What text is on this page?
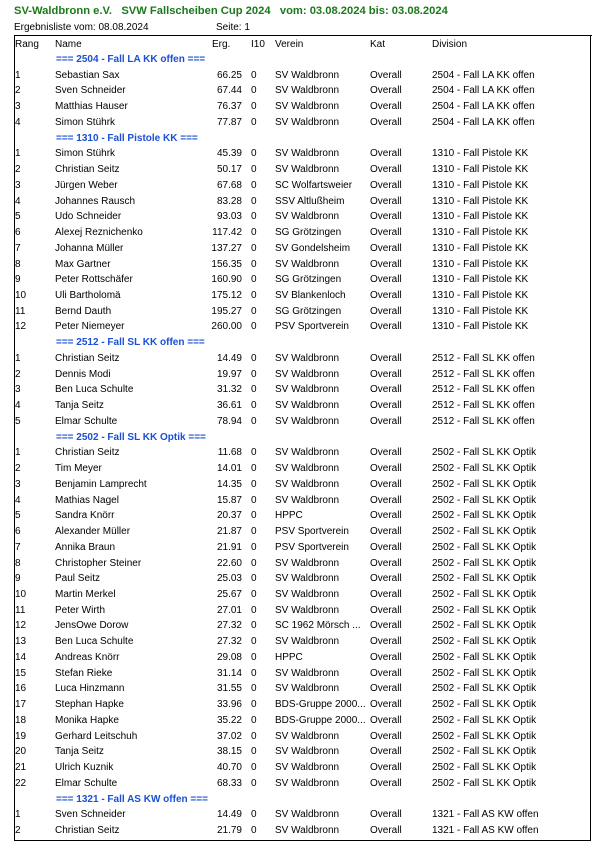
SV-Waldbronn e.V.   SVW Fallscheiben Cup 2024   vom: 03.08.2024 bis: 03.08.2024
Ergebnisliste vom: 08.08.2024	Seite: 1
Rang Name	Erg. I10 Verein	Kat	Division
=== 2504 - Fall LA KK offen ===
1	Sebastian Sax	66.25 0 SV Waldbronn	Overall	2504 - Fall LA KK offen
2	Sven Schneider	67.44 0 SV Waldbronn	Overall	2504 - Fall LA KK offen
3	Matthias Hauser	76.37 0 SV Waldbronn	Overall	2504 - Fall LA KK offen
4	Simon Stührk	77.87 0 SV Waldbronn	Overall	2504 - Fall LA KK offen
=== 1310 - Fall Pistole KK ===
1	Simon Stührk	45.39 0 SV Waldbronn	Overall	1310 - Fall Pistole KK
2	Christian Seitz	50.17 0 SV Waldbronn	Overall	1310 - Fall Pistole KK
3	Jürgen Weber	67.68 0 SC Wolfartsweier Overall	1310 - Fall Pistole KK
4	Johannes Rausch	83.28 0 SSV Altlußheim	Overall	1310 - Fall Pistole KK
5	Udo Schneider	93.03 0 SV Waldbronn	Overall	1310 - Fall Pistole KK
6	Alexej Reznichenko	117.42 0 SG Grötzingen	Overall	1310 - Fall Pistole KK
7	Johanna Müller	137.27 0 SV Gondelsheim Overall	1310 - Fall Pistole KK
8	Max Gartner	156.35 0 SV Waldbronn	Overall	1310 - Fall Pistole KK
9	Peter Rottschäfer	160.90 0 SG Grötzingen	Overall	1310 - Fall Pistole KK
10	Uli Bartholomä	175.12 0 SV Blankenloch Overall	1310 - Fall Pistole KK
11	Bernd Dauth	195.27 0 SG Grötzingen	Overall	1310 - Fall Pistole KK
12	Peter Niemeyer	260.00 0 PSV Sportverein Overall	1310 - Fall Pistole KK
=== 2512 - Fall SL KK offen ===
1	Christian Seitz	14.49 0 SV Waldbronn	Overall	2512 - Fall SL KK offen
2	Dennis Modi	19.97 0 SV Waldbronn	Overall	2512 - Fall SL KK offen
3	Ben Luca Schulte	31.32 0 SV Waldbronn	Overall	2512 - Fall SL KK offen
4	Tanja Seitz	36.61 0 SV Waldbronn	Overall	2512 - Fall SL KK offen
5	Elmar Schulte	78.94 0 SV Waldbronn	Overall	2512 - Fall SL KK offen
=== 2502 - Fall SL KK Optik ===
1	Christian Seitz	11.68 0 SV Waldbronn	Overall	2502 - Fall SL KK Optik
2	Tim Meyer	14.01 0 SV Waldbronn	Overall	2502 - Fall SL KK Optik
3	Benjamin Lamprecht	14.35 0 SV Waldbronn	Overall	2502 - Fall SL KK Optik
4	Mathias Nagel	15.87 0 SV Waldbronn	Overall	2502 - Fall SL KK Optik
5	Sandra Knörr	20.37 0 HPPC	Overall	2502 - Fall SL KK Optik
6	Alexander Müller	21.87 0 PSV Sportverein Overall	2502 - Fall SL KK Optik
7	Annika Braun	21.91 0 PSV Sportverein Overall	2502 - Fall SL KK Optik
8	Christopher Steiner	22.60 0 SV Waldbronn	Overall	2502 - Fall SL KK Optik
9	Paul Seitz	25.03 0 SV Waldbronn	Overall	2502 - Fall SL KK Optik
10	Martin Merkel	25.67 0 SV Waldbronn	Overall	2502 - Fall SL KK Optik
11	Peter Wirth	27.01 0 SV Waldbronn	Overall	2502 - Fall SL KK Optik
12	JensOwe Dorow	27.32 0 SC 1962 Mörsch ... Overall	2502 - Fall SL KK Optik
13	Ben Luca Schulte	27.32 0 SV Waldbronn	Overall	2502 - Fall SL KK Optik
14	Andreas Knörr	29.08 0 HPPC	Overall	2502 - Fall SL KK Optik
15	Stefan Rieke	31.14 0 SV Waldbronn	Overall	2502 - Fall SL KK Optik
16	Luca Hinzmann	31.55 0 SV Waldbronn	Overall	2502 - Fall SL KK Optik
17	Stephan Hapke	33.96 0 BDS-Gruppe 2000... Overall	2502 - Fall SL KK Optik
18	Monika Hapke	35.22 0 BDS-Gruppe 2000... Overall	2502 - Fall SL KK Optik
19	Gerhard Leitschuh	37.02 0 SV Waldbronn	Overall	2502 - Fall SL KK Optik
20	Tanja Seitz	38.15 0 SV Waldbronn	Overall	2502 - Fall SL KK Optik
21	Ulrich Kuznik	40.70 0 SV Waldbronn	Overall	2502 - Fall SL KK Optik
22	Elmar Schulte	68.33 0 SV Waldbronn	Overall	2502 - Fall SL KK Optik
=== 1321 - Fall AS KW offen ===
1	Sven Schneider	14.49 0 SV Waldbronn	Overall	1321 - Fall AS KW offen
2	Christian Seitz	21.79 0 SV Waldbronn	Overall	1321 - Fall AS KW offen
